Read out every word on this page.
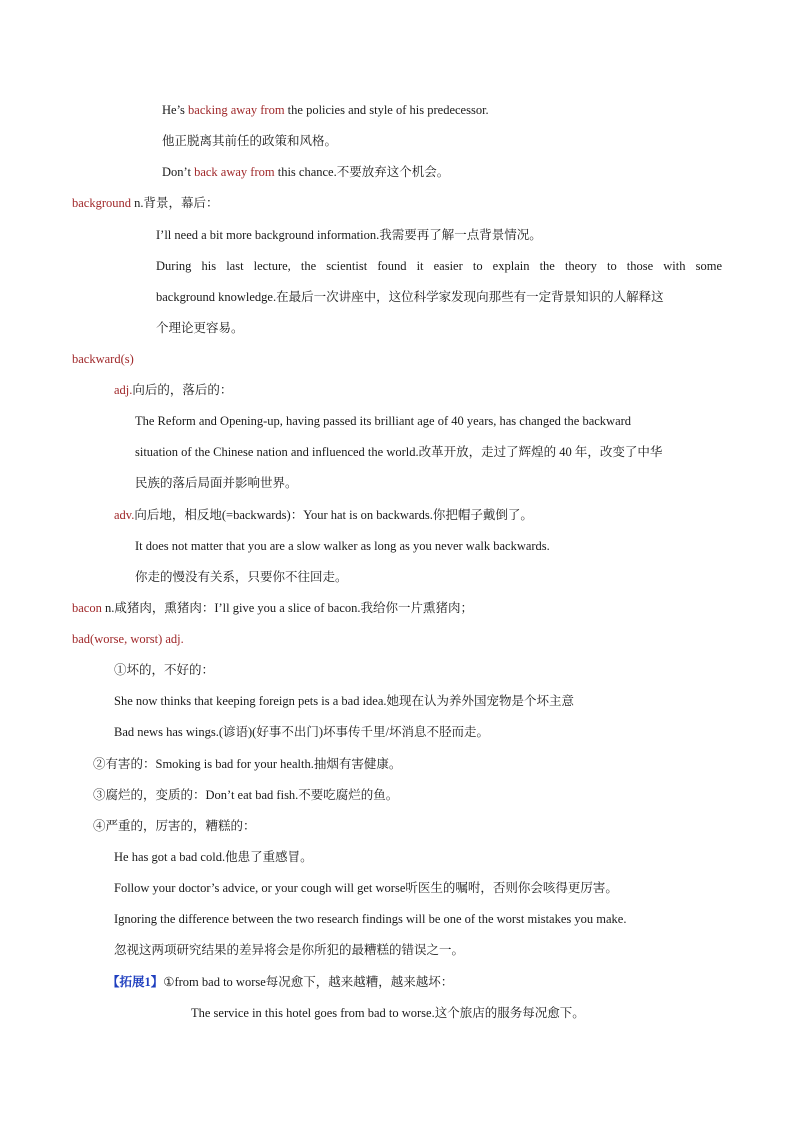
He’s backing away from the policies and style of his predecessor.
他正脱离其前任的政策和风格。
Don’t back away from this chance.不要放弃这个机会。
background n.背景，幕后：
I’ll need a bit more background information.我需要再了解一点背景情况。
During his last lecture, the scientist found it easier to explain the theory to those with some
background knowledge.在最后一次讲座中，这位科学家发现向那些有一定背景知识的人解释这
个理论更容易。
backward(s)
adj.向后的，落后的：
The Reform and Opening-up, having passed its brilliant age of 40 years, has changed the backward
situation of the Chinese nation and influenced the world.改革开放，走过了辉煌的 40 年，改变了中华
民族的落后局面并影响世界。
adv.向后地，相反地(=backwards)：Your hat is on backwards.你把帽子戴倒了。
It does not matter that you are a slow walker as long as you never walk backwards.
你走的慢没有关系，只要你不往回走。
bacon n.咸猪肉，熏猪肉：I’ll give you a slice of bacon.我给你一片熏猪肉；
bad(worse, worst) adj.
①坏的，不好的：
She now thinks that keeping foreign pets is a bad idea.她现在认为养外国宠物是个坏主意
Bad news has wings.(谚语)(好事不出门)坏事传千里/坏消息不胫而走。
②有害的：Smoking is bad for your health.抽烟有害健康。
③腐烂的，变质的：Don’t eat bad fish.不要吃腐烂的鱼。
④严重的，厉害的，糟糕的：
He has got a bad cold.他患了重感冒。
Follow your doctor’s advice, or your cough will get worse听医生的嘱咐，否则你会咳得更厉害。
Ignoring the difference between the two research findings will be one of the worst mistakes you make.
忽视这两项研究结果的差异将会是你所犯的最糟糕的错误之一。
【拓展1】①from bad to worse每况愈下，越来越糟，越来越坏：
The service in this hotel goes from bad to worse.这个旅店的服务每况愈下。
